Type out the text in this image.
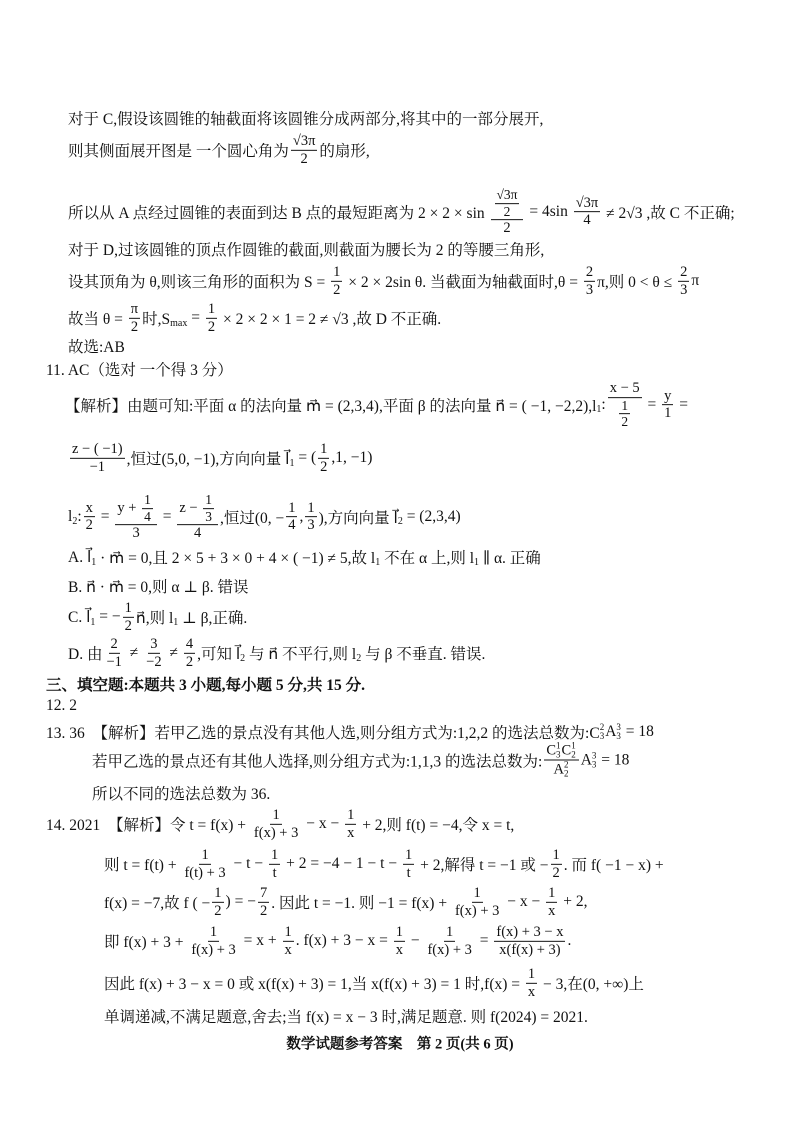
对于 C,假设该圆锥的轴截面将该圆锥分成两部分,将其中的一部分展开,
则其侧面展开图是 一个圆心角为 $\frac{√3\pi}{2}$ 的扇形,
所以从 A 点经过圆锥的表面到达 B 点的最短距离为 $2 \times 2 \times \sin \frac{\frac{√3\pi}{2}}{2} = 4\sin \frac{√3\pi}{4} \ne 2√3$ ,故 C 不正确;
对于 D,过该圆锥的顶点作圆锥的截面,则截面为腰长为 2 的等腰三角形,
设其顶角为 θ,则该三角形的面积为 $S = \frac{1}{2} \times 2 \times 2\sin$ θ. 当截面为轴截面时$,\theta = \frac{2}{3} \pi$,则 $0 < \theta \le \frac{2}{3}$ π
故当 $\theta = \frac{\pi}{2}$ 时,S $\max = \frac{1}{2} \times 2 \times 2 \times 1 = 2 \ne √3$ ,故 D 不正确.
故选:AB
11. AC（选对 一个得 3 分）
【解析】由题可知:平面 α 的法向量 m⃗ = (2,3,4),平面 β 的法向量 n⃗ = ( −1, −2,2),l 1 : $\frac{x - 5}{\frac{1}{2}} = \frac{y}{1}$ =
$\frac{z - ( -1)}{-1}$ ,恒过(5,0, −1),方向向量 l⃗ 1 = ( $\frac{1}{2} ,1$, −1)
l 2 : $\frac{x}{2} = \frac{y + \frac{1}{4}}{3} = \frac{z - \frac{1}{3}}{4}$ ,恒过(0, − $\frac{1}{4}$ , $\frac{1}{3}$ ),方向向量 l⃗ 2 = (2,3,4)
A. l⃗ 1 · m⃗ = 0,且 2 × 5 + 3 × 0 + 4 × ( −1) ≠ 5,故 l 1 不在 α 上,则 l 1 ∥ α. 正确
B. n⃗ · m⃗ = 0,则 α ⊥ β. 错误
C. l⃗ 1 = − $\frac{1}{2}$ n⃗,则 l 1 ⊥ β,正确.
D. 由 $\frac{2}{-1} \ne \frac{3}{-2} \ne \frac{4}{2}$ ,可知 l⃗ 2 与 n⃗ 不平行,则 l 2 与 β 不垂直. 错误.
三、填空题:本题共 3 小题,每小题 5 分,共 15 分.
12. 2
13. 36　【解析】若甲乙选的景点没有其他人选,则分组方式为:1,2,2 的选法总数为:C 2
3 A 3
3 = 18
若甲乙选的景点还有其他人选择,则分组方式为:1,1,3 的选法总数为: C 1
3 C 1
2
A 2
2 A 3
3 = 18
所以不同的选法总数为 36.
14. 2021　【解析】令 $t = f(x) + \frac{1}{f(x) + 3} - x - \frac{1}{x} + 2$,则 f(t) = −4,令 x = t,
则 $t = f(t) + \frac{1}{f(t) + 3} - t - \frac{1}{t} + 2 = -4 - 1 - t - \frac{1}{t} + 2$,解得 t = −1 或 − $\frac{1}{2}$ . 而 f( −1 − x) +
f(x) = −7,故 f ( − $\frac{1}{2}$ ) = − $\frac{7}{2}$ . 因此 t = −1. 则 $-1 = f(x) + \frac{1}{f(x) + 3} - x - \frac{1}{x} + 2$,
即 $f(x) + 3 + \frac{1}{f(x) + 3} = x + \frac{1}{x}$ . $f(x) + 3 - x = \frac{1}{x} - \frac{1}{f(x) + 3} = \frac{f(x) + 3 - x}{x(f(x) + 3)}$ .
因此 f(x) + 3 − x = 0 或 x(f(x) + 3) = 1,当 x(f(x) + 3) = 1 时$,f(x) = \frac{1}{x} - 3$,在(0, +∞)上
单调递减,不满足题意,舍去;当 f(x) = x − 3 时,满足题意. 则 f(2024) = 2021.
数学试题参考答案　第 2 页(共 6 页)
